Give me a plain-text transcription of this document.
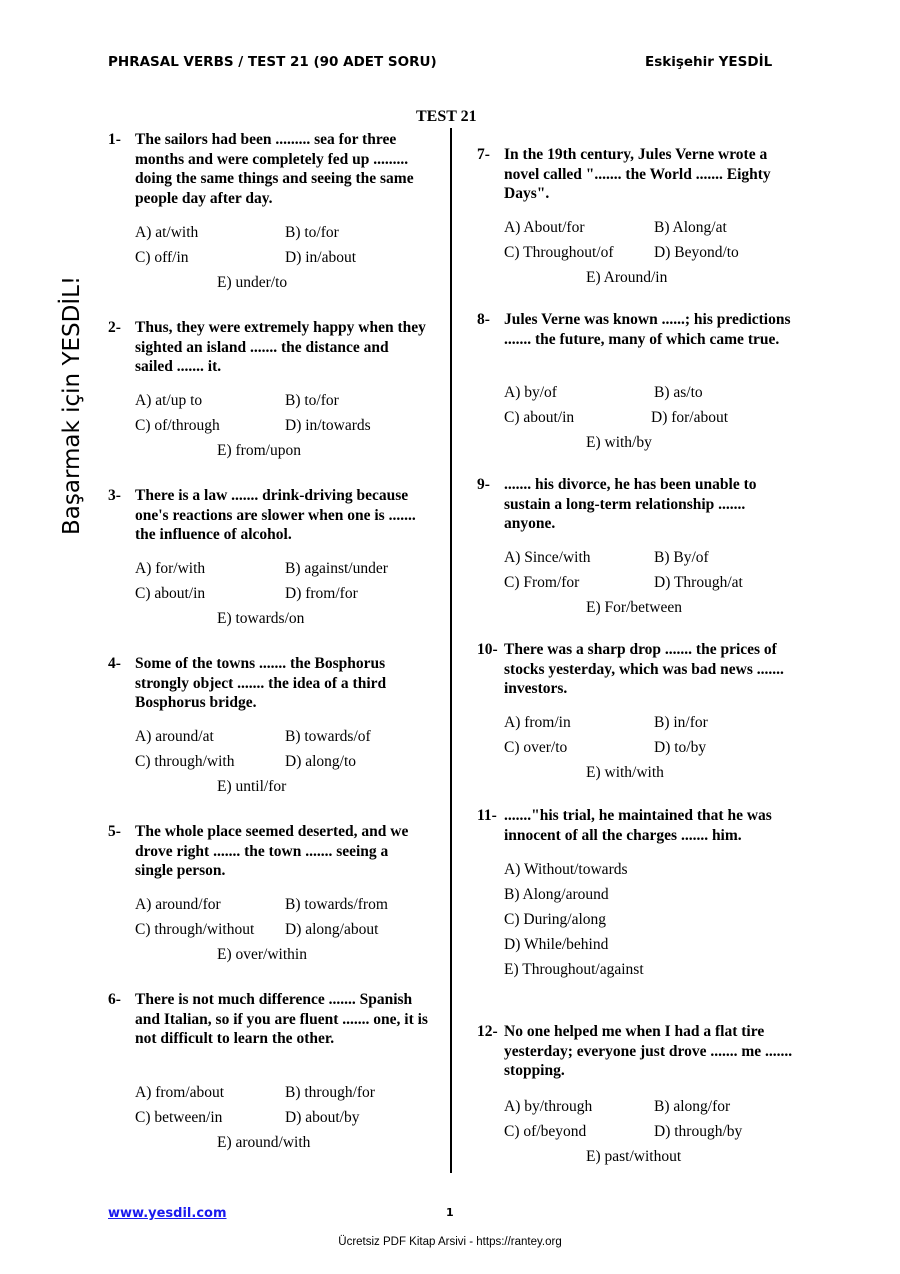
PHRASAL VERBS / TEST 21 (90 ADET SORU)	Eskişehir YESDİL
TEST 21
Başarmak için YESDİL!
1- The sailors had been ......... sea for three months and were completely fed up ......... doing the same things and seeing the same people day after day.
A) at/with	B) to/for
C) off/in	D) in/about
E) under/to
2- Thus, they were extremely happy when they sighted an island ....... the distance and sailed ....... it.
A) at/up to	B) to/for
C) of/through	D) in/towards
E) from/upon
3- There is a law ....... drink-driving because one's reactions are slower when one is ....... the influence of alcohol.
A) for/with	B) against/under
C) about/in	D) from/for
E) towards/on
4- Some of the towns ....... the Bosphorus strongly object ....... the idea of a third Bosphorus bridge.
A) around/at	B) towards/of
C) through/with	D) along/to
E) until/for
5- The whole place seemed deserted, and we drove right ....... the town ....... seeing a single person.
A) around/for	B) towards/from
C) through/without D) along/about
E) over/within
6- There is not much difference ....... Spanish and Italian, so if you are fluent ....... one, it is not difficult to learn the other.
A) from/about	B) through/for
C) between/in	D) about/by
E) around/with
7- In the 19th century, Jules Verne wrote a novel called "....... the World ....... Eighty Days".
A) About/for	B) Along/at
C) Throughout/of	D) Beyond/to
E) Around/in
8- Jules Verne was known ......; his predictions ....... the future, many of which came true.
A) by/of	B) as/to
C) about/in	D) for/about
E) with/by
9- ....... his divorce, he has been unable to sustain a long-term relationship ....... anyone.
A) Since/with	B) By/of
C) From/for	D) Through/at
E) For/between
10- There was a sharp drop ....... the prices of stocks yesterday, which was bad news ....... investors.
A) from/in	B) in/for
C) over/to	D) to/by
E) with/with
11- ......."his trial, he maintained that he was innocent of all the charges ....... him.
A) Without/towards
B) Along/around
C) During/along
D) While/behind
E) Throughout/against
12- No one helped me when I had a flat tire yesterday; everyone just drove ....... me ....... stopping.
A) by/through	B) along/for
C) of/beyond	D) through/by
E) past/without
www.yesdil.com	1
Ücretsiz PDF Kitap Arsivi - https://rantey.org
